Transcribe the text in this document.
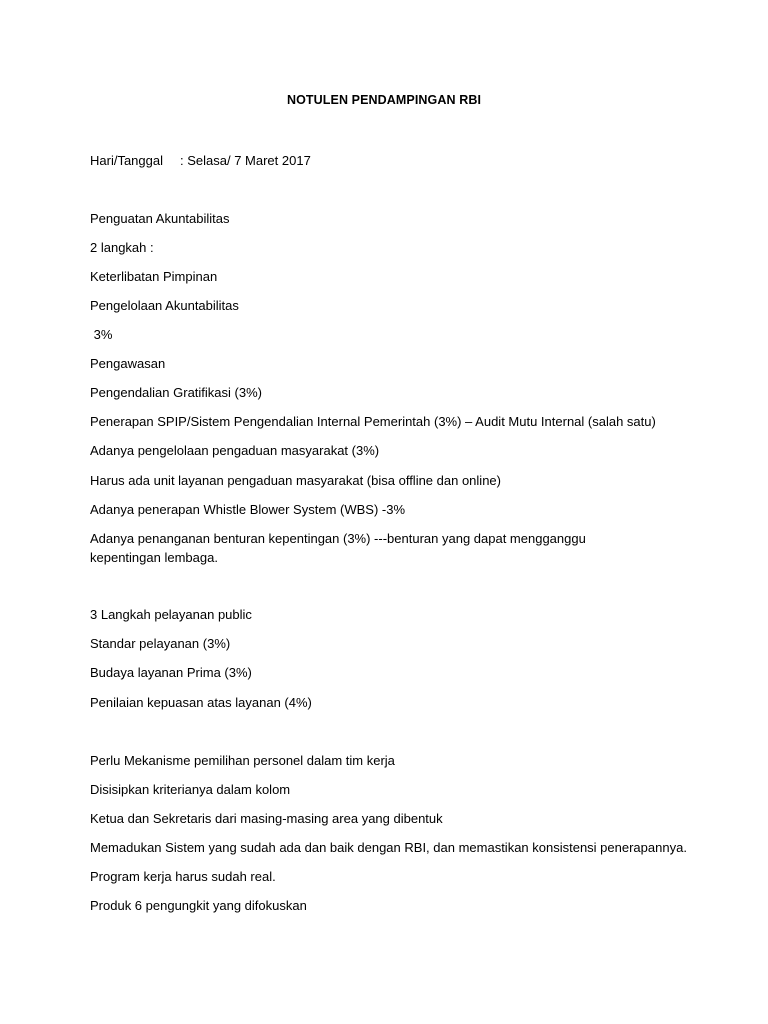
NOTULEN PENDAMPINGAN RBI
Hari/Tanggal : Selasa/ 7 Maret 2017
Penguatan Akuntabilitas
2 langkah :
Keterlibatan Pimpinan
Pengelolaan Akuntabilitas
3%
Pengawasan
Pengendalian Gratifikasi (3%)
Penerapan SPIP/Sistem Pengendalian Internal Pemerintah (3%) – Audit Mutu Internal (salah satu)
Adanya pengelolaan pengaduan masyarakat (3%)
Harus ada unit layanan pengaduan masyarakat (bisa offline dan online)
Adanya penerapan Whistle Blower System (WBS) -3%
Adanya penanganan benturan kepentingan (3%) ---benturan yang dapat mengganggu kepentingan lembaga.
3 Langkah pelayanan public
Standar pelayanan (3%)
Budaya layanan Prima (3%)
Penilaian kepuasan atas layanan (4%)
Perlu Mekanisme pemilihan personel dalam tim kerja
Disisipkan kriterianya dalam kolom
Ketua dan Sekretaris dari masing-masing area yang dibentuk
Memadukan Sistem yang sudah ada dan baik dengan RBI, dan memastikan konsistensi penerapannya.
Program kerja harus sudah real.
Produk 6 pengungkit yang difokuskan
